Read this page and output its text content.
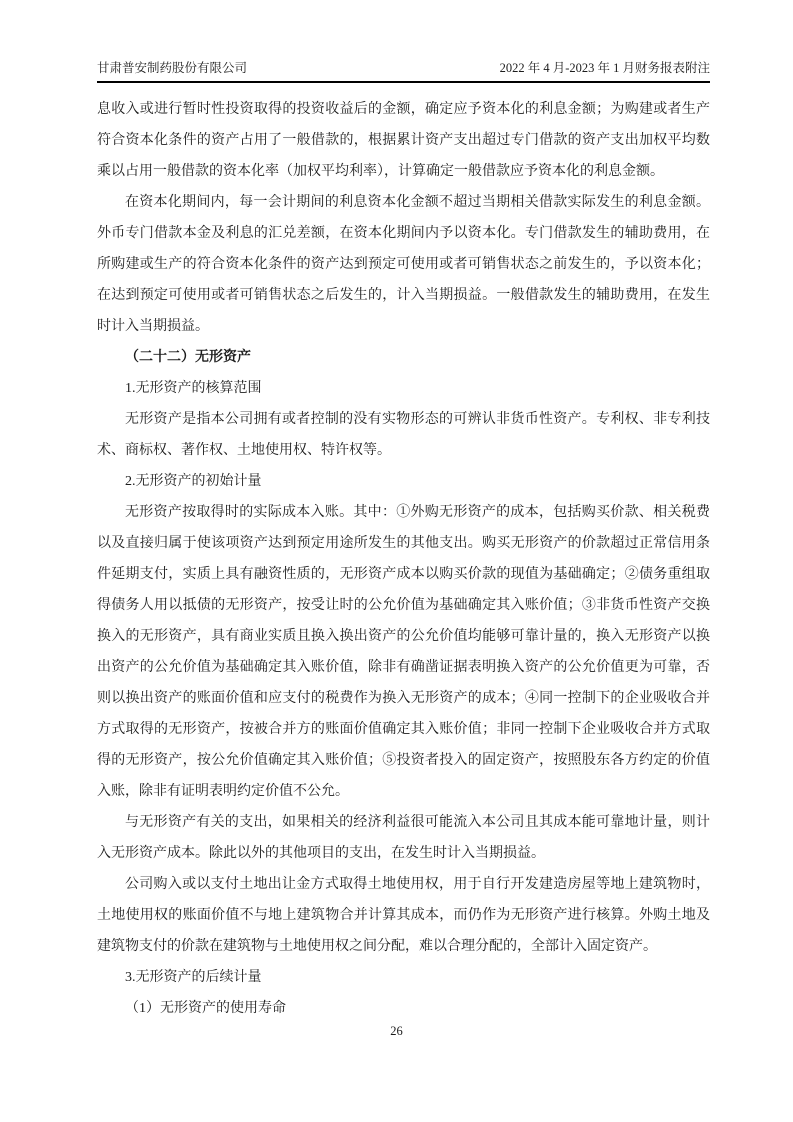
甘肃普安制药股份有限公司	2022 年 4 月-2023 年 1 月财务报表附注

息收入或进行暂时性投资取得的投资收益后的金额，确定应予资本化的利息金额；为购建或者生产符合资本化条件的资产占用了一般借款的，根据累计资产支出超过专门借款的资产支出加权平均数乘以占用一般借款的资本化率（加权平均利率），计算确定一般借款应予资本化的利息金额。

在资本化期间内，每一会计期间的利息资本化金额不超过当期相关借款实际发生的利息金额。外币专门借款本金及利息的汇兑差额，在资本化期间内予以资本化。专门借款发生的辅助费用，在所购建或生产的符合资本化条件的资产达到预定可使用或者可销售状态之前发生的，予以资本化；在达到预定可使用或者可销售状态之后发生的，计入当期损益。一般借款发生的辅助费用，在发生时计入当期损益。

（二十二）无形资产

1.无形资产的核算范围

无形资产是指本公司拥有或者控制的没有实物形态的可辨认非货币性资产。专利权、非专利技术、商标权、著作权、土地使用权、特许权等。

2.无形资产的初始计量

无形资产按取得时的实际成本入账。其中：①外购无形资产的成本，包括购买价款、相关税费以及直接归属于使该项资产达到预定用途所发生的其他支出。购买无形资产的价款超过正常信用条件延期支付，实质上具有融资性质的，无形资产成本以购买价款的现值为基础确定；②债务重组取得债务人用以抵债的无形资产，按受让时的公允价值为基础确定其入账价值；③非货币性资产交换换入的无形资产，具有商业实质且换入换出资产的公允价值均能够可靠计量的，换入无形资产以换出资产的公允价值为基础确定其入账价值，除非有确凿证据表明换入资产的公允价值更为可靠，否则以换出资产的账面价值和应支付的税费作为换入无形资产的成本；④同一控制下的企业吸收合并方式取得的无形资产，按被合并方的账面价值确定其入账价值；非同一控制下企业吸收合并方式取得的无形资产，按公允价值确定其入账价值；⑤投资者投入的固定资产，按照股东各方约定的价值入账，除非有证明表明约定价值不公允。

与无形资产有关的支出，如果相关的经济利益很可能流入本公司且其成本能可靠地计量，则计入无形资产成本。除此以外的其他项目的支出，在发生时计入当期损益。

公司购入或以支付土地出让金方式取得土地使用权，用于自行开发建造房屋等地上建筑物时，土地使用权的账面价值不与地上建筑物合并计算其成本，而仍作为无形资产进行核算。外购土地及建筑物支付的价款在建筑物与土地使用权之间分配，难以合理分配的，全部计入固定资产。

3.无形资产的后续计量

（1）无形资产的使用寿命

26
